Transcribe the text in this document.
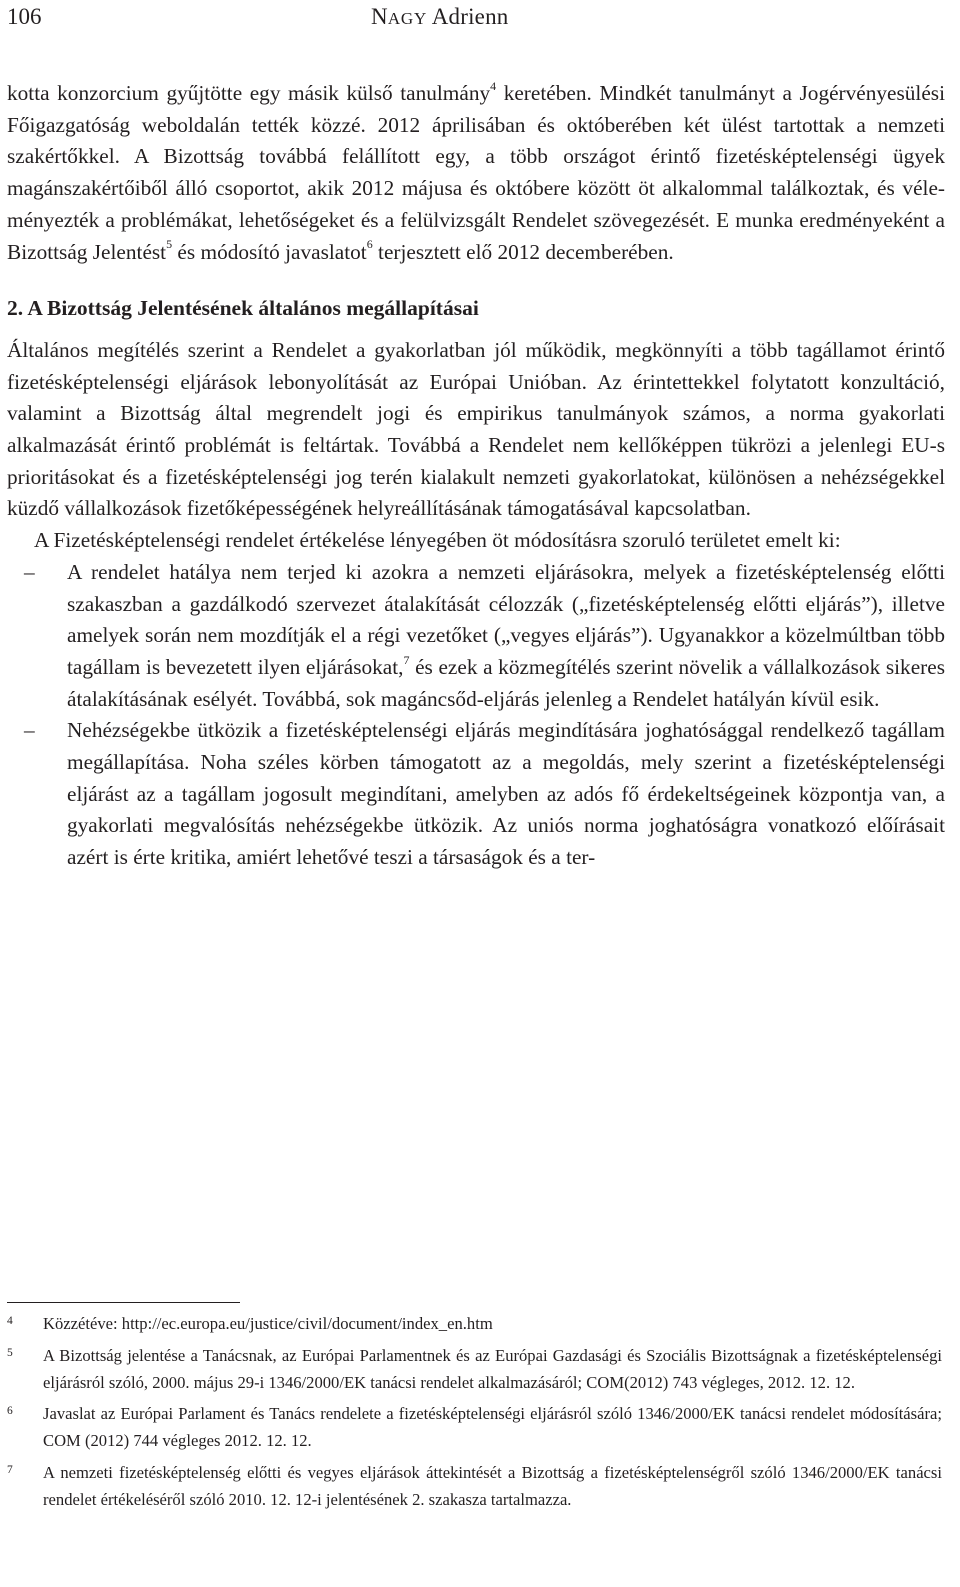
106	NAGY Adrienn

kotta konzorcium gyűjtötte egy másik külső tanulmány$^4$ keretében. Mindkét tanulmányt a Jogérvényesülési Főigazgatóság weboldalán tették közzé. 2012 áprilisában és októberében két ülést tartottak a nemzeti szakértőkkel. A Bizottság továbbá felállított egy, a több országot érintő fizetésképtelenségi ügyek magánszakértőiből álló csoportot, akik 2012 májusa és októbere között öt alkalommal találkoztak, és véleményezték a problémákat, lehetőségeket és a felülvizsgált Rendelet szövegezését. E munka eredményeként a Bizottság Jelentést$^5$ és módosító javaslatot$^6$ terjesztett elő 2012 decemberében.

2. A Bizottság Jelentésének általános megállapításai

Általános megítélés szerint a Rendelet a gyakorlatban jól működik, megkönnyíti a több tagállamot érintő fizetésképtelenségi eljárások lebonyolítását az Európai Unióban. Az érintettekkel folytatott konzultáció, valamint a Bizottság által megrendelt jogi és empirikus tanulmányok számos, a norma gyakorlati alkalmazását érintő problémát is feltártak. Továbbá a Rendelet nem kellőképpen tükrözi a jelenlegi EU-s prioritásokat és a fizetésképtelenségi jog terén kialakult nemzeti gyakorlatokat, különösen a nehézségekkel küzdő vállalkozások fizetőképességének helyreállításának támogatásával kapcsolatban.

A Fizetésképtelenségi rendelet értékelése lényegében öt módosításra szoruló területet emelt ki:

– A rendelet hatálya nem terjed ki azokra a nemzeti eljárásokra, melyek a fizetésképtelenség előtti szakaszban a gazdálkodó szervezet átalakítását célozzák („fizetésképtelenség előtti eljárás”), illetve amelyek során nem mozdítják el a régi vezetőket („vegyes eljárás”). Ugyanakkor a közelmúltban több tagállam is bevezetett ilyen eljárásokat,$^7$ és ezek a közmegítélés szerint növelik a vállalkozások sikeres átalakításának esélyét. Továbbá, sok magáncsőd-eljárás jelenleg a Rendelet hatályán kívül esik.
– Nehézségekbe ütközik a fizetésképtelenségi eljárás megindítására joghatósággal rendelkező tagállam megállapítása. Noha széles körben támogatott az a megoldás, mely szerint a fizetésképtelenségi eljárást az a tagállam jogosult megindítani, amelyben az adós fő érdekeltségeinek központja van, a gyakorlati megvalósítás nehézségekbe ütközik. Az uniós norma joghatóságra vonatkozó előírásait azért is érte kritika, amiért lehetővé teszi a társaságok és a ter-
4 Közzétéve: http://ec.europa.eu/justice/civil/document/index_en.htm
5 A Bizottság jelentése a Tanácsnak, az Európai Parlamentnek és az Európai Gazdasági és Szociális Bizottságnak a fizetésképtelenségi eljárásról szóló, 2000. május 29-i 1346/2000/EK tanácsi rendelet alkalmazásáról; COM(2012) 743 végleges, 2012. 12. 12.
6 Javaslat az Európai Parlament és Tanács rendelete a fizetésképtelenségi eljárásról szóló 1346/2000/EK tanácsi rendelet módosítására; COM (2012) 744 végleges 2012. 12. 12.
7 A nemzeti fizetésképtelenség előtti és vegyes eljárások áttekintését a Bizottság a fizetésképtelenségről szóló 1346/2000/EK tanácsi rendelet értékeléséről szóló 2010. 12. 12-i jelentésének 2. szakasza tartalmazza.
